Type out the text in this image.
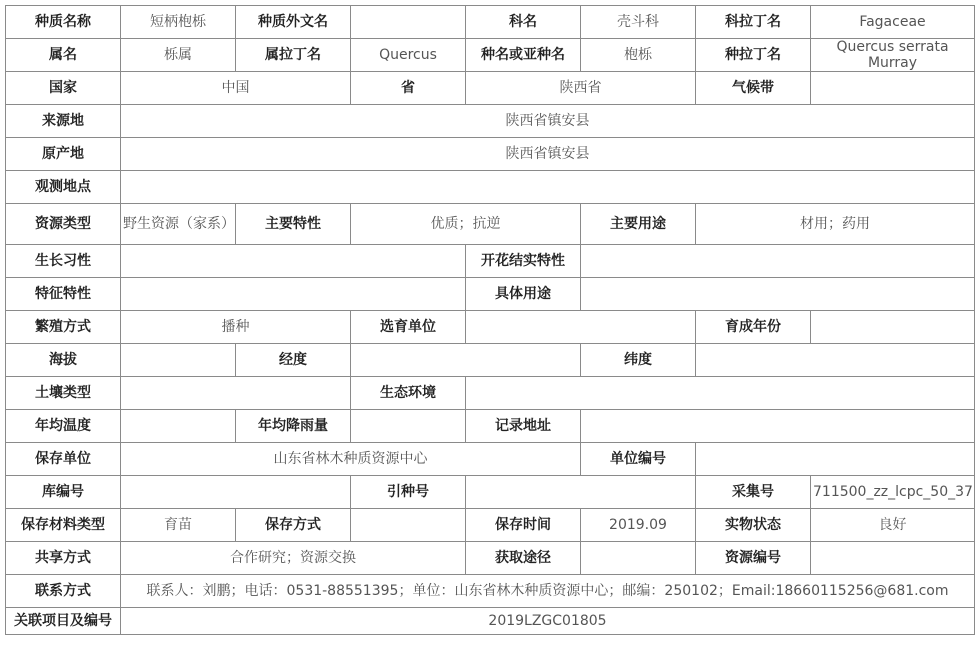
种质名称	短柄枹栎	种质外文名		科名	壳斗科	科拉丁名	Fagaceae
属名	栎属	属拉丁名	Quercus	种名或亚种名	枹栎	种拉丁名	Quercus serrata Murray
国家	中国		省	陕西省		气候带	
来源地	陕西省镇安县						
原产地	陕西省镇安县						
观测地点							
资源类型	野生资源（家系）	主要特性	优质；抗逆		主要用途	材用；药用	
生长习性				开花结实特性			
特征特性				具体用途			
繁殖方式	播种		选育单位			育成年份	
海拔		经度			纬度		
土壤类型			生态环境				
年均温度		年均降雨量		记录地址			
保存单位	山东省林木种质资源中心				单位编号		
库编号			引种号			采集号	711500_zz_lcpc_50_37
保存材料类型	育苗	保存方式		保存时间	2019.09	实物状态	良好
共享方式	合作研究；资源交换			获取途径		资源编号	
联系方式	联系人：刘鹏；电话：0531-88551395；单位：山东省林木种质资源中心；邮编：250102；Email:18660115256@681.com						
关联项目及编号	2019LZGC01805						
